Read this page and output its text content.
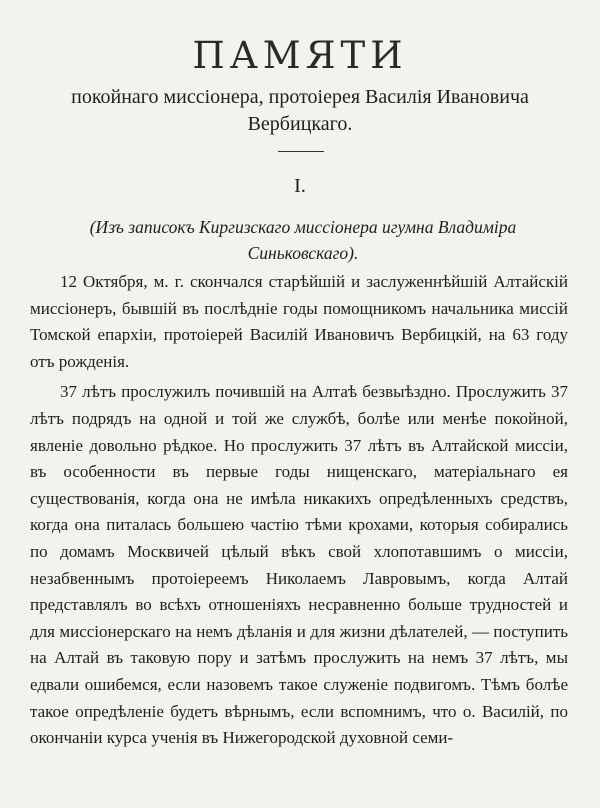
ПАМЯТИ
покойнаго миссіонера, протоіерея Василія Ивановича
Вербицкаго.
I.
(Изъ записокъ Киргизскаго миссіонера игумна Владиміра Синьковскаго).

12 Октября, м. г. скончался старѣйшій и заслуженнѣйшій Алтайскій миссіонеръ, бывшій въ послѣдніе годы помощникомъ начальника миссій Томской епархіи, протоіерей Василій Ивановичъ Вербицкій, на 63 году отъ рожденія.

37 лѣтъ прослужилъ почившій на Алтаѣ безвыѣздно. Прослужить 37 лѣтъ подрядъ на одной и той же службѣ, болѣе или менѣе покойной, явленіе довольно рѣдкое. Но прослужить 37 лѣтъ въ Алтайской миссіи, въ особенности въ первые годы нищенскаго, матеріальнаго ея существованія, когда она не имѣла никакихъ опредѣленныхъ средствъ, когда она питалась большею частію тѣми крохами, которыя собирались по домамъ Москвичей цѣлый вѣкъ свой хлопотавшимъ о миссіи, незабвеннымъ протоіереемъ Николаемъ Лавровымъ, когда Алтай представлялъ во всѣхъ отношеніяхъ несравненно больше трудностей и для миссіонерскаго на немъ дѣланія и для жизни дѣлателей, — поступить на Алтай въ таковую пору и затѣмъ прослужить на немъ 37 лѣтъ, мы едвали ошибемся, если назовемъ такое служеніе подвигомъ. Тѣмъ болѣе такое опредѣленіе будетъ вѣрнымъ, если вспомнимъ, что о. Василій, по окончаніи курса ученія въ Нижегородской духовной семи-
